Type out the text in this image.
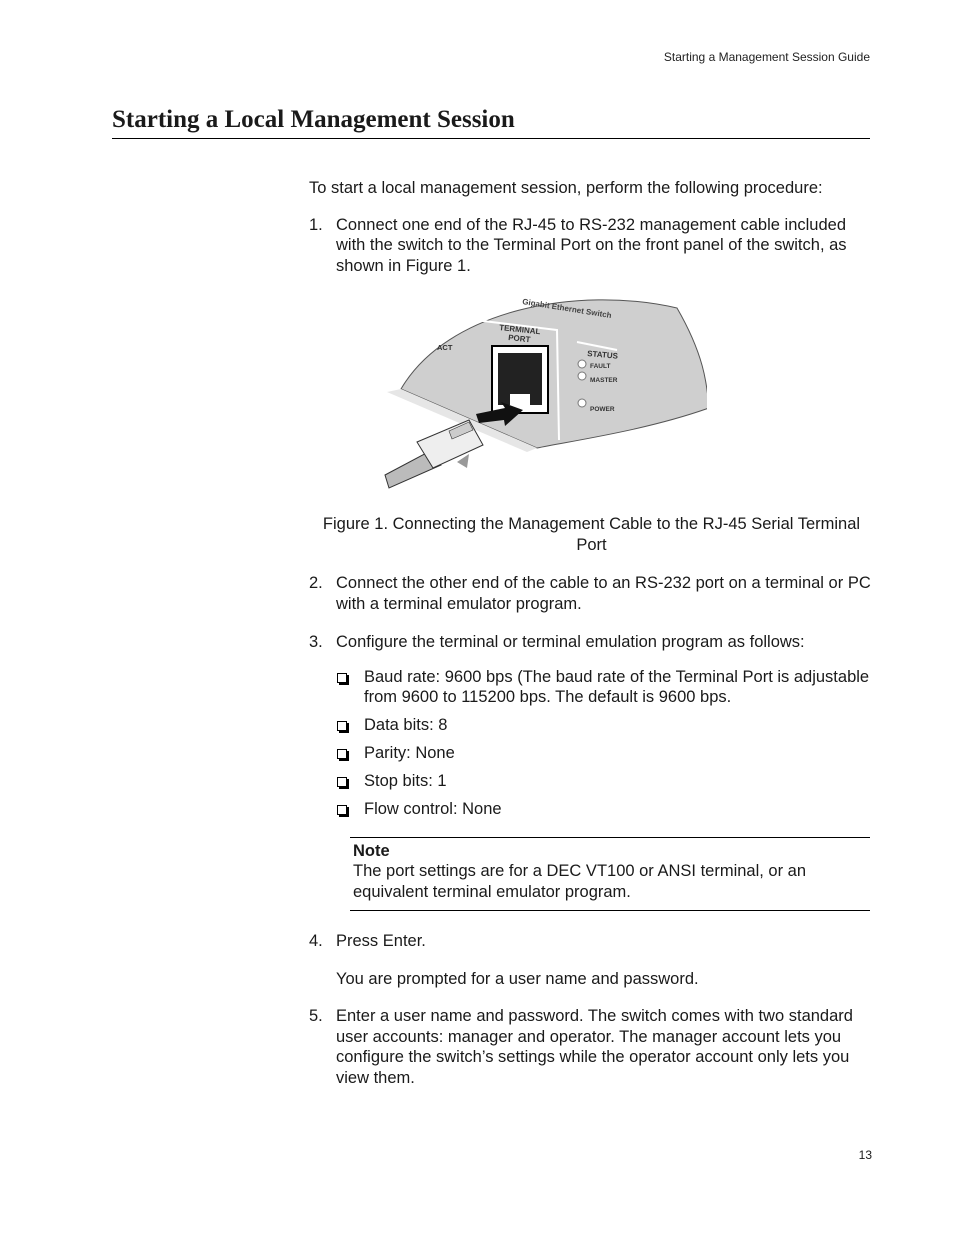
Starting a Management Session Guide
Starting a Local Management Session

To start a local management session, perform the following procedure:

1. Connect one end of the RJ-45 to RS-232 management cable included with the switch to the Terminal Port on the front panel of the switch, as shown in Figure 1.

Gigabit Ethernet Switch
TERMINAL
PORT
ACT
STATUS
FAULT
MASTER
POWER

Figure 1. Connecting the Management Cable to the RJ-45 Serial Terminal Port

2. Connect the other end of the cable to an RS-232 port on a terminal or PC with a terminal emulator program.

3. Configure the terminal or terminal emulation program as follows:

Baud rate: 9600 bps (The baud rate of the Terminal Port is adjustable from 9600 to 115200 bps. The default is 9600 bps.
Data bits: 8
Parity: None
Stop bits: 1
Flow control: None
Note

The port settings are for a DEC VT100 or ANSI terminal, or an equivalent terminal emulator program.

4. Press Enter.

You are prompted for a user name and password.

5. Enter a user name and password. The switch comes with two standard user accounts: manager and operator. The manager account lets you configure the switch’s settings while the operator account only lets you view them.

13
